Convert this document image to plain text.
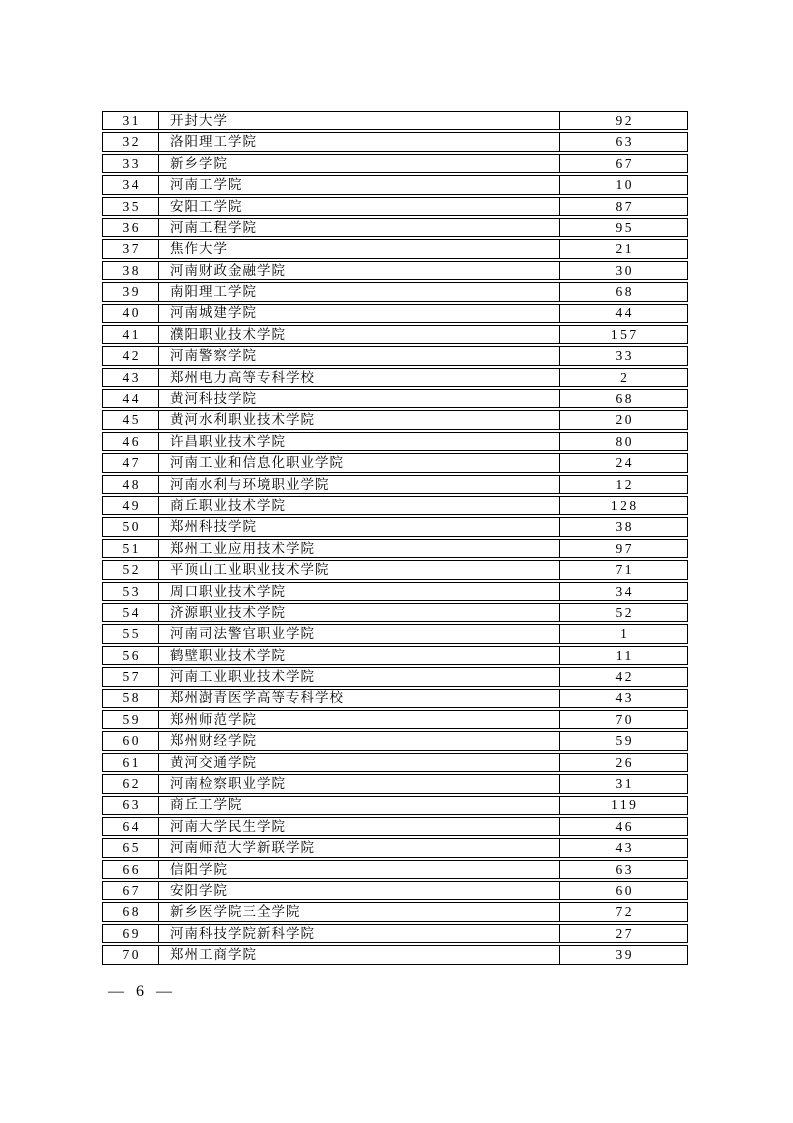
31	开封大学	92
32	洛阳理工学院	63
33	新乡学院	67
34	河南工学院	10
35	安阳工学院	87
36	河南工程学院	95
37	焦作大学	21
38	河南财政金融学院	30
39	南阳理工学院	68
40	河南城建学院	44
41	濮阳职业技术学院	157
42	河南警察学院	33
43	郑州电力高等专科学校	2
44	黄河科技学院	68
45	黄河水利职业技术学院	20
46	许昌职业技术学院	80
47	河南工业和信息化职业学院	24
48	河南水利与环境职业学院	12
49	商丘职业技术学院	128
50	郑州科技学院	38
51	郑州工业应用技术学院	97
52	平顶山工业职业技术学院	71
53	周口职业技术学院	34
54	济源职业技术学院	52
55	河南司法警官职业学院	1
56	鹤壁职业技术学院	11
57	河南工业职业技术学院	42
58	郑州澍青医学高等专科学校	43
59	郑州师范学院	70
60	郑州财经学院	59
61	黄河交通学院	26
62	河南检察职业学院	31
63	商丘工学院	119
64	河南大学民生学院	46
65	河南师范大学新联学院	43
66	信阳学院	63
67	安阳学院	60
68	新乡医学院三全学院	72
69	河南科技学院新科学院	27
70	郑州工商学院	39
— 6 —
